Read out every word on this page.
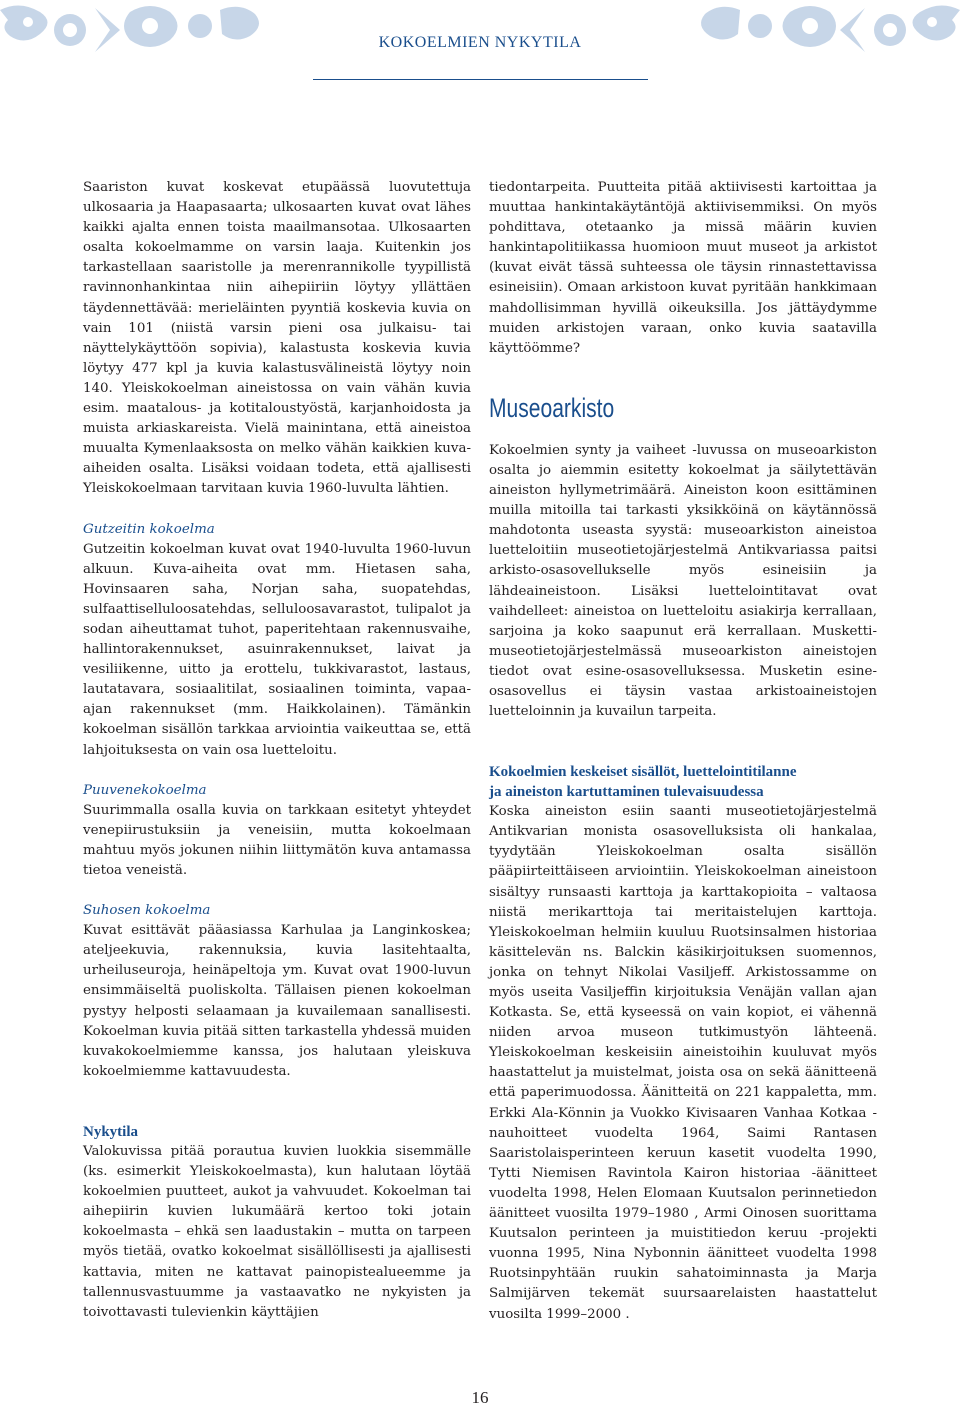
KOKOELMIEN NYKYTILA

Saariston kuvat koskevat etupäässä luovutettuja ulkosaaria ja Haapasaarta; ulkosaarten kuvat ovat lähes kaikki ajalta ennen toista maailmansotaa. Ulkosaarten osalta kokoelmamme on varsin laaja. Kuitenkin jos tarkastellaan saaristolle ja merenrannikolle tyypillistä ravinnonhankintaa niin aihepiiriin löytyy yllättäen täydennettävää: merieläinten pyyntiä koskevia kuvia on vain 101 (niistä varsin pieni osa julkaisu- tai näyttelykäyttöön sopivia), kalastusta koskevia kuvia löytyy 477 kpl ja kuvia kalastusvälineistä löytyy noin 140. Yleiskokoelman aineistossa on vain vähän kuvia esim. maatalous- ja kotitaloustyöstä, karjanhoidosta ja muista arkiaskareista. Vielä mainintana, että aineistoa muualta Kymenlaaksosta on melko vähän kaikkien kuva-aiheiden osalta. Lisäksi voidaan todeta, että ajallisesti Yleiskokoelmaan tarvitaan kuvia 1960-luvulta lähtien.

Gutzeitin kokoelma

Gutzeitin kokoelman kuvat ovat 1940-luvulta 1960-luvun alkuun. Kuva-aiheita ovat mm. Hietasen saha, Hovinsaaren saha, Norjan saha, suopatehdas, sulfaattiselluloosatehdas, selluloosavarastot, tulipalot ja sodan aiheuttamat tuhot, paperitehtaan rakennusvaihe, hallintorakennukset, asuinrakennukset, laivat ja vesiliikenne, uitto ja erottelu, tukkivarastot, lastaus, lautatavara, sosiaalitilat, sosiaalinen toiminta, vapaa-ajan rakennukset (mm. Haikkolainen). Tämänkin kokoelman sisällön tarkkaa arviointia vaikeuttaa se, että lahjoituksesta on vain osa luetteloitu.

Puuvenekokoelma

Suurimmalla osalla kuvia on tarkkaan esitetyt yhteydet venepiirustuksiin ja veneisiin, mutta kokoelmaan mahtuu myös jokunen niihin liittymätön kuva antamassa tietoa veneistä.

Suhosen kokoelma

Kuvat esittävät pääasiassa Karhulaa ja Langinkoskea; ateljeekuvia, rakennuksia, kuvia lasitehtaalta, urheiluseuroja, heinäpeltoja ym. Kuvat ovat 1900-luvun ensimmäiseltä puoliskolta. Tällaisen pienen kokoelman pystyy helposti selaamaan ja kuvailemaan sanallisesti. Kokoelman kuvia pitää sitten tarkastella yhdessä muiden kuvakokoelmiemme kanssa, jos halutaan yleiskuva kokoelmiemme kattavuudesta.

Nykytila

Valokuvissa pitää porautua kuvien luokkia sisemmälle (ks. esimerkit Yleiskokoelmasta), kun halutaan löytää kokoelmien puutteet, aukot ja vahvuudet. Kokoelman tai aihepiirin kuvien lukumäärä kertoo toki jotain kokoelmasta – ehkä sen laadustakin – mutta on tarpeen myös tietää, ovatko kokoelmat sisällöllisesti ja ajallisesti kattavia, miten ne kattavat painopistealueemme ja tallennusvastuumme ja vastaavatko ne nykyisten ja toivottavasti tulevienkin käyttäjien

tiedontarpeita. Puutteita pitää aktiivisesti kartoittaa ja muuttaa hankintakäytäntöjä aktiivisemmiksi. On myös pohdittava, otetaanko ja missä määrin kuvien hankintapolitiikassa huomioon muut museot ja arkistot (kuvat eivät tässä suhteessa ole täysin rinnastettavissa esineisiin). Omaan arkistoon kuvat pyritään hankkimaan mahdollisimman hyvillä oikeuksilla. Jos jättäydymme muiden arkistojen varaan, onko kuvia saatavilla käyttöömme?

Museoarkisto

Kokoelmien synty ja vaiheet -luvussa on museoarkiston osalta jo aiemmin esitetty kokoelmat ja säilytettävän aineiston hyllymetrimäärä. Aineiston koon esittäminen muilla mitoilla tai tarkasti yksikköinä on käytännössä mahdotonta useasta syystä: museoarkiston aineistoa luetteloitiin museotietojärjestelmä Antikvariassa paitsi arkisto-osasovellukselle myös esineisiin ja lähdeaineistoon. Lisäksi luettelointitavat ovat vaihdelleet: aineistoa on luetteloitu asiakirja kerrallaan, sarjoina ja koko saapunut erä kerrallaan. Musketti-museotietojärjestelmässä museoarkiston aineistojen tiedot ovat esine-osasovelluksessa. Musketin esine-osasovellus ei täysin vastaa arkistoaineistojen luetteloinnin ja kuvailun tarpeita.

Kokoelmien keskeiset sisällöt, luettelointitilanne

ja aineiston kartuttaminen tulevaisuudessa

Koska aineiston esiin saanti museotietojärjestelmä Antikvarian monista osasovelluksista oli hankalaa, tyydytään Yleiskokoelman osalta sisällön pääpiirteittäiseen arviointiin. Yleiskokoelman aineistoon sisältyy runsaasti karttoja ja karttakopioita – valtaosa niistä merikarttoja tai meritaistelujen karttoja. Yleiskokoelman helmiin kuuluu Ruotsinsalmen historiaa käsittelevän ns. Balckin käsikirjoituksen suomennos, jonka on tehnyt Nikolai Vasiljeff. Arkistossamme on myös useita Vasiljeffin kirjoituksia Venäjän vallan ajan Kotkasta. Se, että kyseessä on vain kopiot, ei vähennä niiden arvoa museon tutkimustyön lähteenä. Yleiskokoelman keskeisiin aineistoihin kuuluvat myös haastattelut ja muistelmat, joista osa on sekä äänitteenä että paperimuodossa. Äänitteitä on 221 kappaletta, mm. Erkki Ala-Könnin ja Vuokko Kivisaaren Vanhaa Kotkaa -nauhoitteet vuodelta 1964, Saimi Rantasen Saaristolaisperinteen keruun kasetit vuodelta 1990, Tytti Niemisen Ravintola Kairon historiaa -äänitteet vuodelta 1998, Helen Elomaan Kuutsalon perinnetiedon äänitteet vuosilta 1979–1980 , Armi Oinosen suorittama Kuutsalon perinteen ja muistitiedon keruu -projekti vuonna 1995, Nina Nybonnin äänitteet vuodelta 1998 Ruotsinpyhtään ruukin sahatoiminnasta ja Marja Salmijärven tekemät suursaarelaisten haastattelut vuosilta 1999–2000 .

16
